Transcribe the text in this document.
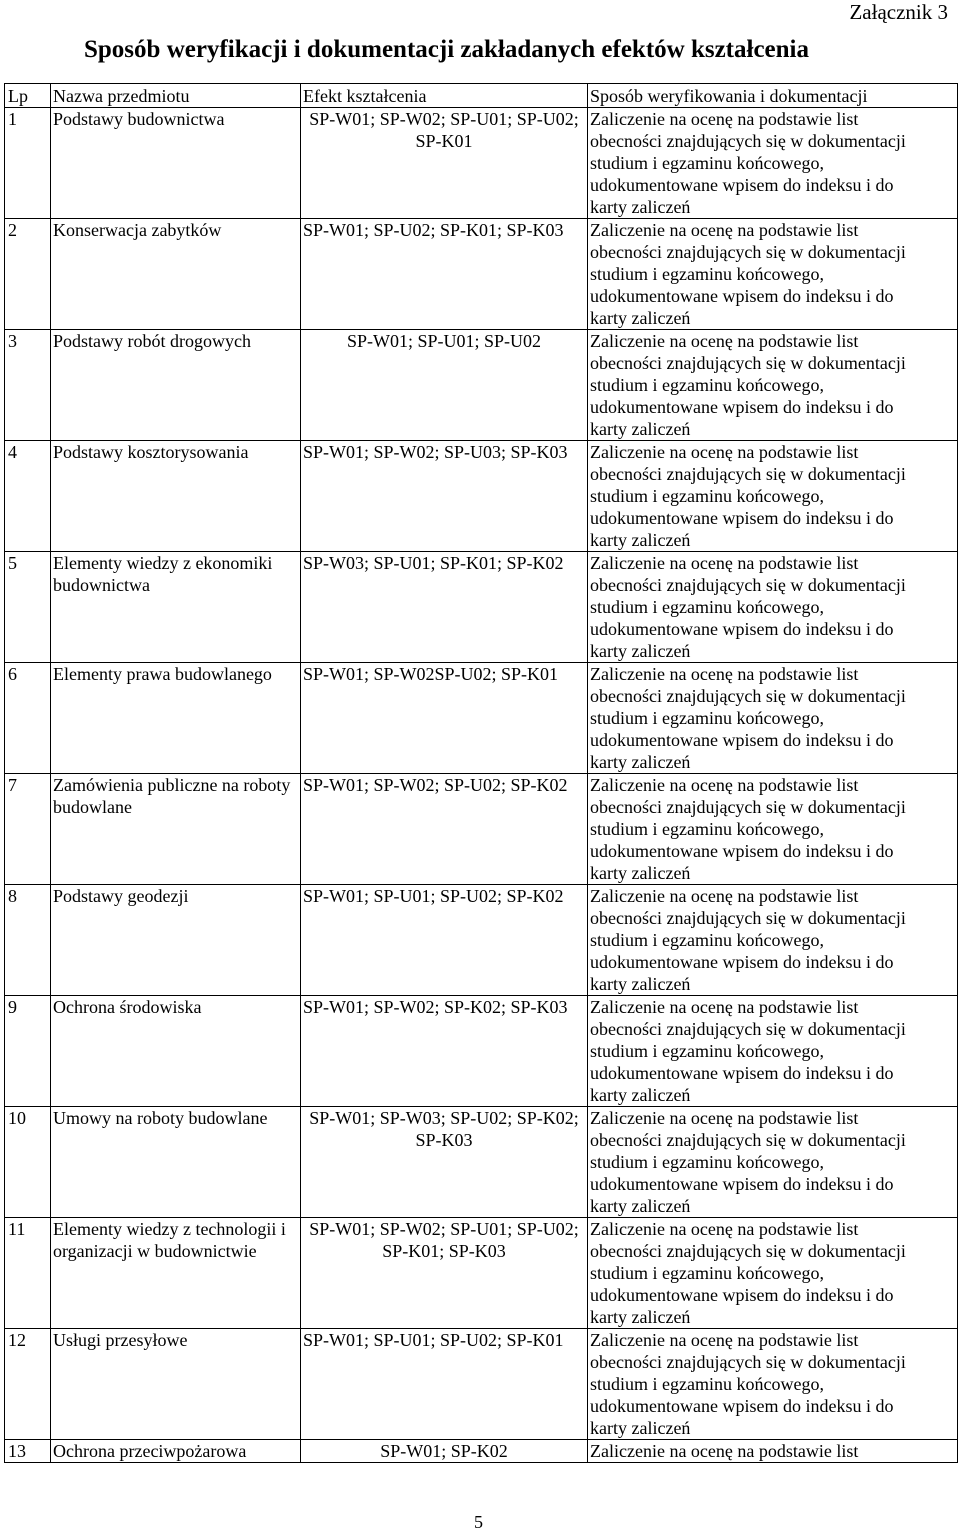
Załącznik 3
Sposób weryfikacji i dokumentacji zakładanych efektów kształcenia
Lp	Nazwa przedmiotu	Efekt kształcenia	Sposób weryfikowania i dokumentacji
1	Podstawy budownictwa	SP-W01; SP-W02; SP-U01; SP-U02; SP-K01	Zaliczenie na ocenę na podstawie list
obecności znajdujących się w dokumentacji
studium i egzaminu końcowego,
udokumentowane wpisem do indeksu i do
karty zaliczeń

2	Konserwacja zabytków	SP-W01; SP-U02; SP-K01; SP-K03	Zaliczenie na ocenę na podstawie list
obecności znajdujących się w dokumentacji
studium i egzaminu końcowego,
udokumentowane wpisem do indeksu i do
karty zaliczeń

3	Podstawy robót drogowych	SP-W01; SP-U01; SP-U02	Zaliczenie na ocenę na podstawie list
obecności znajdujących się w dokumentacji
studium i egzaminu końcowego,
udokumentowane wpisem do indeksu i do
karty zaliczeń

4	Podstawy kosztorysowania	SP-W01; SP-W02; SP-U03; SP-K03	Zaliczenie na ocenę na podstawie list
obecności znajdujących się w dokumentacji
studium i egzaminu końcowego,
udokumentowane wpisem do indeksu i do
karty zaliczeń

5	Elementy wiedzy z ekonomiki budownictwa	SP-W03; SP-U01; SP-K01; SP-K02	Zaliczenie na ocenę na podstawie list
obecności znajdujących się w dokumentacji
studium i egzaminu końcowego,
udokumentowane wpisem do indeksu i do
karty zaliczeń

6	Elementy prawa budowlanego	SP-W01; SP-W02SP-U02; SP-K01	Zaliczenie na ocenę na podstawie list
obecności znajdujących się w dokumentacji
studium i egzaminu końcowego,
udokumentowane wpisem do indeksu i do
karty zaliczeń

7	Zamówienia publiczne na roboty budowlane	SP-W01; SP-W02; SP-U02; SP-K02	Zaliczenie na ocenę na podstawie list
obecności znajdujących się w dokumentacji
studium i egzaminu końcowego,
udokumentowane wpisem do indeksu i do
karty zaliczeń

8	Podstawy geodezji	SP-W01; SP-U01; SP-U02; SP-K02	Zaliczenie na ocenę na podstawie list
obecności znajdujących się w dokumentacji
studium i egzaminu końcowego,
udokumentowane wpisem do indeksu i do
karty zaliczeń

9	Ochrona środowiska	SP-W01; SP-W02; SP-K02; SP-K03	Zaliczenie na ocenę na podstawie list
obecności znajdujących się w dokumentacji
studium i egzaminu końcowego,
udokumentowane wpisem do indeksu i do
karty zaliczeń

10	Umowy na roboty budowlane	SP-W01; SP-W03; SP-U02; SP-K02; SP-K03	Zaliczenie na ocenę na podstawie list
obecności znajdujących się w dokumentacji
studium i egzaminu końcowego,
udokumentowane wpisem do indeksu i do
karty zaliczeń

11	Elementy wiedzy z technologii i organizacji w budownictwie	SP-W01; SP-W02; SP-U01; SP-U02; SP-K01; SP-K03	Zaliczenie na ocenę na podstawie list
obecności znajdujących się w dokumentacji
studium i egzaminu końcowego,
udokumentowane wpisem do indeksu i do
karty zaliczeń

12	Usługi przesyłowe	SP-W01; SP-U01; SP-U02; SP-K01	Zaliczenie na ocenę na podstawie list
obecności znajdujących się w dokumentacji
studium i egzaminu końcowego,
udokumentowane wpisem do indeksu i do
karty zaliczeń

13	Ochrona przeciwpożarowa	SP-W01; SP-K02	Zaliczenie na ocenę na podstawie list
5
